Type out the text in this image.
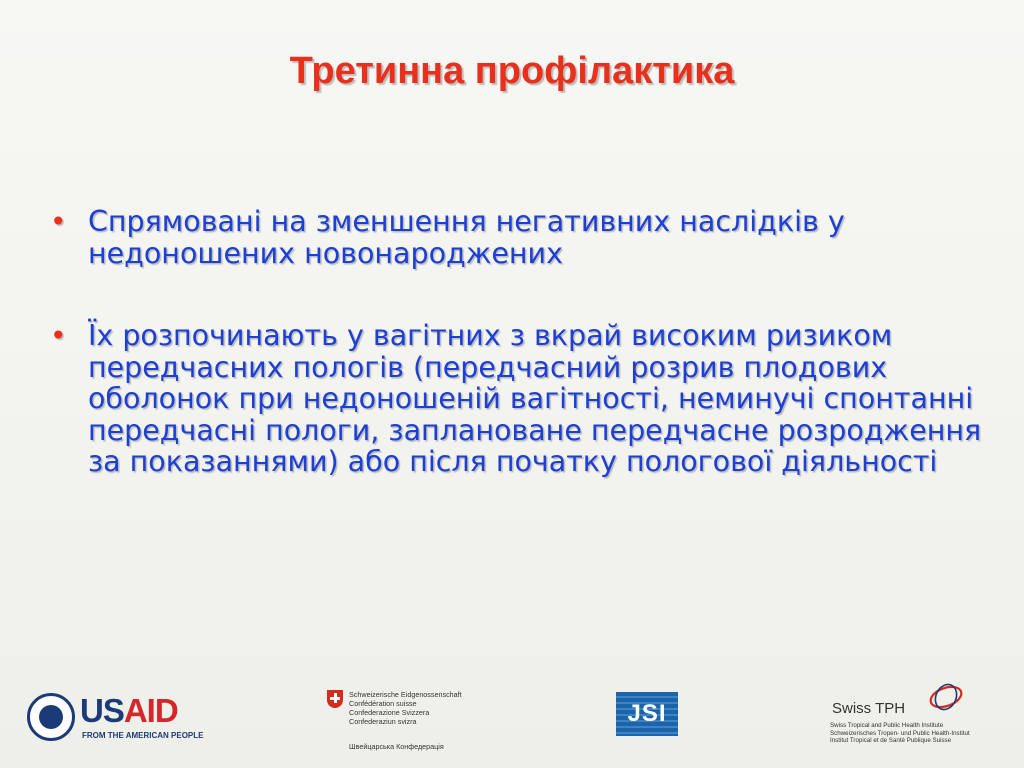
Третинна профілактика
• Спрямовані на зменшення негативних наслідків у недоношених новонароджених
• Їх розпочинають у вагітних з вкрай високим ризиком передчасних пологів (передчасний розрив плодових оболонок при недоношеній вагітності, неминучі спонтанні передчасні пологи, заплановане передчасне розродження за показаннями) або після початку пологової діяльності
USAID
FROM THE AMERICAN PEOPLE
Schweizerische Eidgenossenschaft
Confédération suisse
Confederazione Svizzera
Confederaziun svizra
Швейцарська Конфедерація
JSI	Swiss TPH
Swiss Tropical and Public Health Institute
Schweizerisches Tropen- und Public Health-Institut
Institut Tropical et de Santé Publique Suisse
